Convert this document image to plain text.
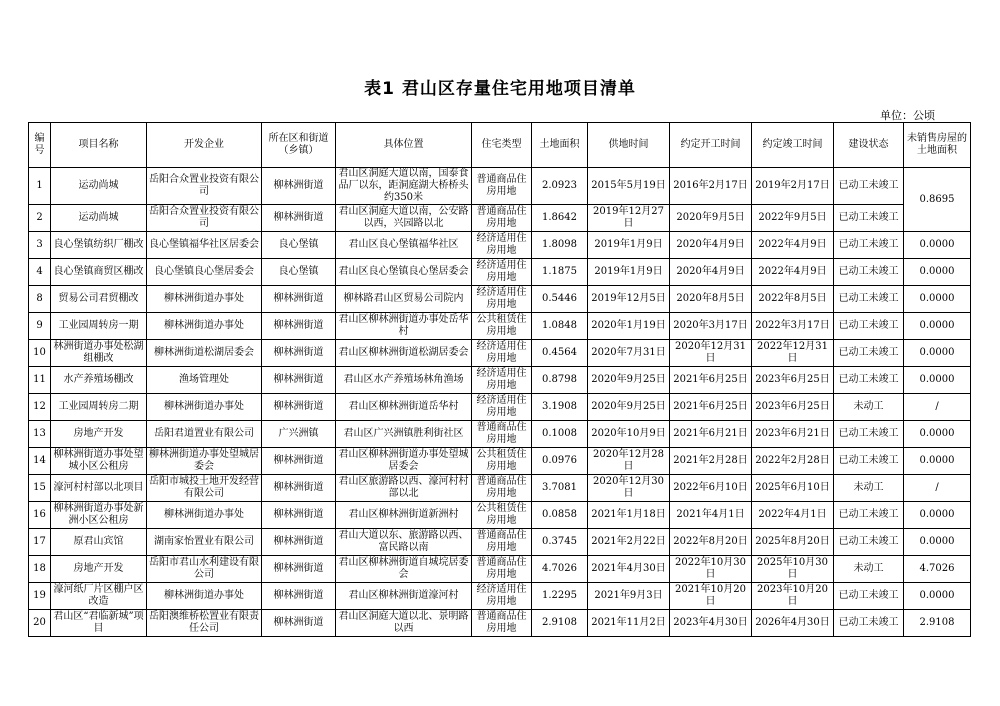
表1 君山区存量住宅用地项目清单
单位：公顷
编号	项目名称	开发企业	所在区和街道（乡镇）	具体位置	住宅类型	土地面积	供地时间	约定开工时间	约定竣工时间	建设状态	未销售房屋的土地面积
1	运动尚城	岳阳合众置业投资有限公司	柳林洲街道	君山区洞庭大道以南，国泰食品厂以东，距洞庭湖大桥桥头约350米	普通商品住房用地	2.0923	2015年5月19日	2016年2月17日	2019年2月17日	已动工未竣工	0.8695
2	运动尚城	岳阳合众置业投资有限公司	柳林洲街道	君山区洞庭大道以南，公安路以西，兴园路以北	普通商品住房用地	1.8642	2019年12月27日	2020年9月5日	2022年9月5日	已动工未竣工	
3	良心堡镇纺织厂棚改	良心堡镇福华社区居委会	良心堡镇	君山区良心堡镇福华社区	经济适用住房用地	1.8098	2019年1月9日	2020年4月9日	2022年4月9日	已动工未竣工	0.0000
4	良心堡镇商贸区棚改	良心堡镇良心堡居委会	良心堡镇	君山区良心堡镇良心堡居委会	经济适用住房用地	1.1875	2019年1月9日	2020年4月9日	2022年4月9日	已动工未竣工	0.0000
8	贸易公司君贸棚改	柳林洲街道办事处	柳林洲街道	柳林路君山区贸易公司院内	经济适用住房用地	0.5446	2019年12月5日	2020年8月5日	2022年8月5日	已动工未竣工	0.0000
9	工业园周转房一期	柳林洲街道办事处	柳林洲街道	君山区柳林洲街道办事处岳华村	公共租赁住房用地	1.0848	2020年1月19日	2020年3月17日	2022年3月17日	已动工未竣工	0.0000
10	林洲街道办事处松湖组棚改	柳林洲街道松湖居委会	柳林洲街道	君山区柳林洲街道松湖居委会	经济适用住房用地	0.4564	2020年7月31日	2020年12月31日	2022年12月31日	已动工未竣工	0.0000
11	水产养殖场棚改	渔场管理处	柳林洲街道	君山区水产养殖场林角渔场	经济适用住房用地	0.8798	2020年9月25日	2021年6月25日	2023年6月25日	已动工未竣工	0.0000
12	工业园周转房二期	柳林洲街道办事处	柳林洲街道	君山区柳林洲街道岳华村	经济适用住房用地	3.1908	2020年9月25日	2021年6月25日	2023年6月25日	未动工	/
13	房地产开发	岳阳君道置业有限公司	广兴洲镇	君山区广兴洲镇胜利街社区	普通商品住房用地	0.1008	2020年10月9日	2021年6月21日	2023年6月21日	已动工未竣工	0.0000
14	柳林洲街道办事处望城小区公租房	柳林洲街道办事处望城居委会	柳林洲街道	君山区柳林洲街道办事处望城居委会	公共租赁住房用地	0.0976	2020年12月28日	2021年2月28日	2022年2月28日	已动工未竣工	0.0000
15	濠河村村部以北项目	岳阳市城投土地开发经营有限公司	柳林洲街道	君山区旅游路以西、濠河村村部以北	普通商品住房用地	3.7081	2020年12月30日	2022年6月10日	2025年6月10日	未动工	/
16	柳林洲街道办事处新洲小区公租房	柳林洲街道办事处	柳林洲街道	君山区柳林洲街道新洲村	公共租赁住房用地	0.0858	2021年1月18日	2021年4月1日	2022年4月1日	已动工未竣工	0.0000
17	原君山宾馆	湖南家怡置业有限公司	柳林洲街道	君山大道以东、旅游路以西、富民路以南	普通商品住房用地	0.3745	2021年2月22日	2022年8月20日	2025年8月20日	已动工未竣工	0.0000
18	房地产开发	岳阳市君山水利建设有限公司	柳林洲街道	君山区柳林洲街道自城垸居委会	普通商品住房用地	4.7026	2021年4月30日	2022年10月30日	2025年10月30日	未动工	4.7026
19	濠河纸厂片区棚户区改造	柳林洲街道办事处	柳林洲街道	君山区柳林洲街道濠河村	经济适用住房用地	1.2295	2021年9月3日	2021年10月20日	2023年10月20日	已动工未竣工	0.0000
20	君山区“君临新城”项目	岳阳澳维桥松置业有限责任公司	柳林洲街道	君山区洞庭大道以北、景明路以西	普通商品住房用地	2.9108	2021年11月2日	2023年4月30日	2026年4月30日	已动工未竣工	2.9108
